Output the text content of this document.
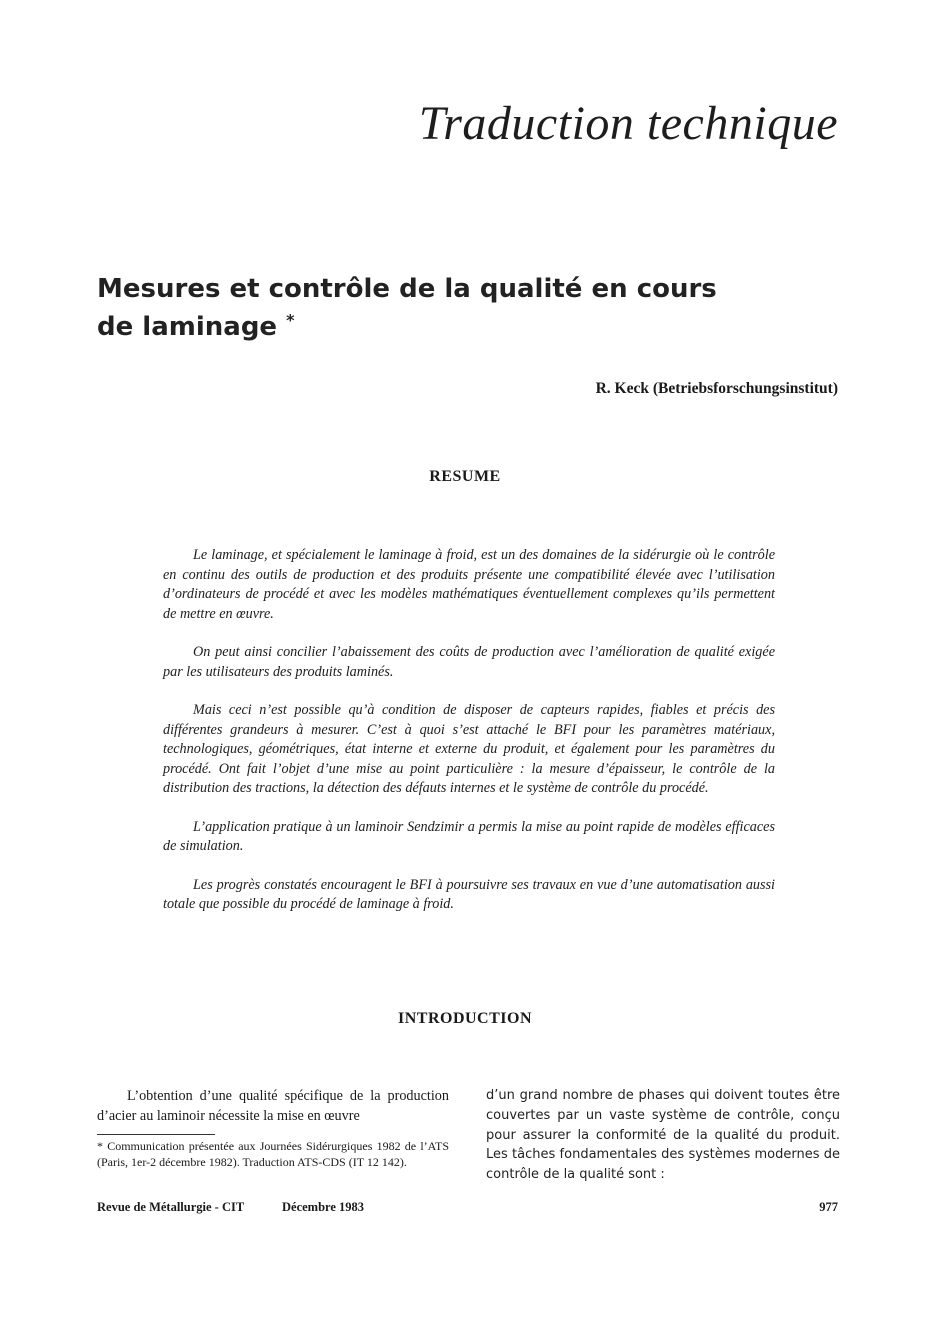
Traduction technique
Mesures et contrôle de la qualité en cours
de laminage *
R. Keck (Betriebsforschungsinstitut)
RESUME

Le laminage, et spécialement le laminage à froid, est un des domaines de la sidérurgie où le contrôle en continu des outils de production et des produits présente une compatibilité élevée avec l’utilisation d’ordinateurs de procédé et avec les modèles mathématiques éventuellement complexes qu’ils permettent de mettre en œuvre.

On peut ainsi concilier l’abaissement des coûts de production avec l’amélioration de qualité exigée par les utilisateurs des produits laminés.

Mais ceci n’est possible qu’à condition de disposer de capteurs rapides, fiables et précis des différentes grandeurs à mesurer. C’est à quoi s’est attaché le BFI pour les paramètres matériaux, technologiques, géométriques, état interne et externe du produit, et également pour les paramètres du procédé. Ont fait l’objet d’une mise au point particulière : la mesure d’épaisseur, le contrôle de la distribution des tractions, la détection des défauts internes et le système de contrôle du procédé.

L’application pratique à un laminoir Sendzimir a permis la mise au point rapide de modèles efficaces de simulation.

Les progrès constatés encouragent le BFI à poursuivre ses travaux en vue d’une automatisation aussi totale que possible du procédé de laminage à froid.

INTRODUCTION

L’obtention d’une qualité spécifique de la production d’acier au laminoir nécessite la mise en œuvre

* Communication présentée aux Journées Sidérurgiques 1982 de l’ATS (Paris, 1er-2 décembre 1982). Traduction ATS-CDS (IT 12 142).

d’un grand nombre de phases qui doivent toutes être couvertes par un vaste système de contrôle, conçu pour assurer la conformité de la qualité du produit. Les tâches fondamentales des systèmes modernes de contrôle de la qualité sont :

Revue de Métallurgie - CIT	Décembre 1983	977
